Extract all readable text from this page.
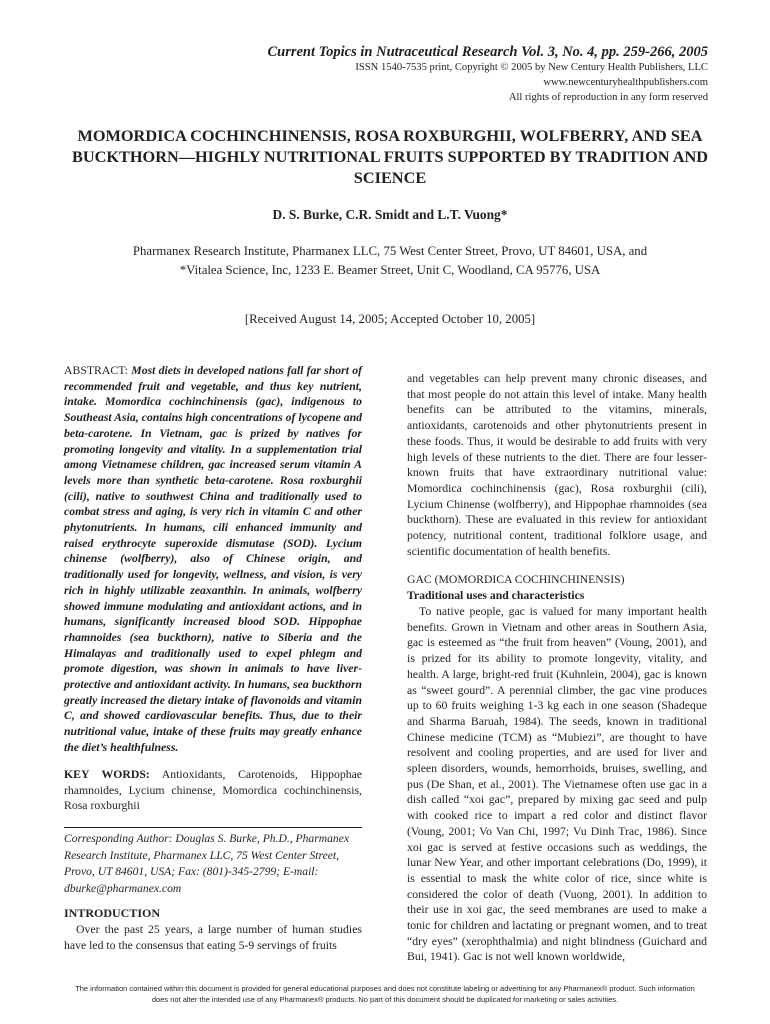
Current Topics in Nutraceutical Research Vol. 3, No. 4, pp. 259-266, 2005
ISSN 1540-7535 print, Copyright © 2005 by New Century Health Publishers, LLC
www.newcenturyhealthpublishers.com
All rights of reproduction in any form reserved
MOMORDICA COCHINCHINENSIS, ROSA ROXBURGHII, WOLFBERRY, AND SEA BUCKTHORN—HIGHLY NUTRITIONAL FRUITS SUPPORTED BY TRADITION AND SCIENCE
D. S. Burke, C.R. Smidt and L.T. Vuong*
Pharmanex Research Institute, Pharmanex LLC, 75 West Center Street, Provo, UT 84601, USA, and
*Vitalea Science, Inc, 1233 E. Beamer Street, Unit C, Woodland, CA 95776, USA
[Received August 14, 2005; Accepted October 10, 2005]
ABSTRACT: Most diets in developed nations fall far short of recommended fruit and vegetable, and thus key nutrient, intake. Momordica cochinchinensis (gac), indigenous to Southeast Asia, contains high concentrations of lycopene and beta-carotene. In Vietnam, gac is prized by natives for promoting longevity and vitality. In a supplementation trial among Vietnamese children, gac increased serum vitamin A levels more than synthetic beta-carotene. Rosa roxburghii (cili), native to southwest China and traditionally used to combat stress and aging, is very rich in vitamin C and other phytonutrients. In humans, cili enhanced immunity and raised erythrocyte superoxide dismutase (SOD). Lycium chinense (wolfberry), also of Chinese origin, and traditionally used for longevity, wellness, and vision, is very rich in highly utilizable zeaxanthin. In animals, wolfberry showed immune modulating and antioxidant actions, and in humans, significantly increased blood SOD. Hippophae rhamnoides (sea buckthorn), native to Siberia and the Himalayas and traditionally used to expel phlegm and promote digestion, was shown in animals to have liver-protective and antioxidant activity. In humans, sea buckthorn greatly increased the dietary intake of flavonoids and vitamin C, and showed cardiovascular benefits. Thus, due to their nutritional value, intake of these fruits may greatly enhance the diet’s healthfulness.
KEY WORDS: Antioxidants, Carotenoids, Hippophae rhamnoides, Lycium chinense, Momordica cochinchinensis, Rosa roxburghii
Corresponding Author: Douglas S. Burke, Ph.D., Pharmanex Research Institute, Pharmanex LLC, 75 West Center Street, Provo, UT 84601, USA; Fax: (801)-345-2799; E-mail: dburke@pharmanex.com
INTRODUCTION

Over the past 25 years, a large number of human studies have led to the consensus that eating 5-9 servings of fruits

and vegetables can help prevent many chronic diseases, and that most people do not attain this level of intake. Many health benefits can be attributed to the vitamins, minerals, antioxidants, carotenoids and other phytonutrients present in these foods. Thus, it would be desirable to add fruits with very high levels of these nutrients to the diet. There are four lesser-known fruits that have extraordinary nutritional value: Momordica cochinchinensis (gac), Rosa roxburghii (cili), Lycium Chinense (wolfberry), and Hippophae rhamnoides (sea buckthorn). These are evaluated in this review for antioxidant potency, nutritional content, traditional folklore usage, and scientific documentation of health benefits.
GAC (MOMORDICA COCHINCHINENSIS)
Traditional uses and characteristics

To native people, gac is valued for many important health benefits. Grown in Vietnam and other areas in Southern Asia, gac is esteemed as “the fruit from heaven” (Voung, 2001), and is prized for its ability to promote longevity, vitality, and health. A large, bright-red fruit (Kuhnlein, 2004), gac is known as “sweet gourd”. A perennial climber, the gac vine produces up to 60 fruits weighing 1-3 kg each in one season (Shadeque and Sharma Baruah, 1984). The seeds, known in traditional Chinese medicine (TCM) as “Mubiezi”, are thought to have resolvent and cooling properties, and are used for liver and spleen disorders, wounds, hemorrhoids, bruises, swelling, and pus (De Shan, et al., 2001). The Vietnamese often use gac in a dish called “xoi gac”, prepared by mixing gac seed and pulp with cooked rice to impart a red color and distinct flavor (Voung, 2001; Vo Van Chi, 1997; Vu Dinh Trac, 1986). Since xoi gac is served at festive occasions such as weddings, the lunar New Year, and other important celebrations (Do, 1999), it is essential to mask the white color of rice, since white is considered the color of death (Vuong, 2001). In addition to their use in xoi gac, the seed membranes are used to make a tonic for children and lactating or pregnant women, and to treat “dry eyes” (xerophthalmia) and night blindness (Guichard and Bui, 1941). Gac is not well known worldwide,

The information contained within this document is provided for general educational purposes and does not constitute labeling or advertising for any Pharmanex® product. Such information
does not alter the intended use of any Pharmanex® products. No part of this document should be duplicated for marketing or sales activities.
